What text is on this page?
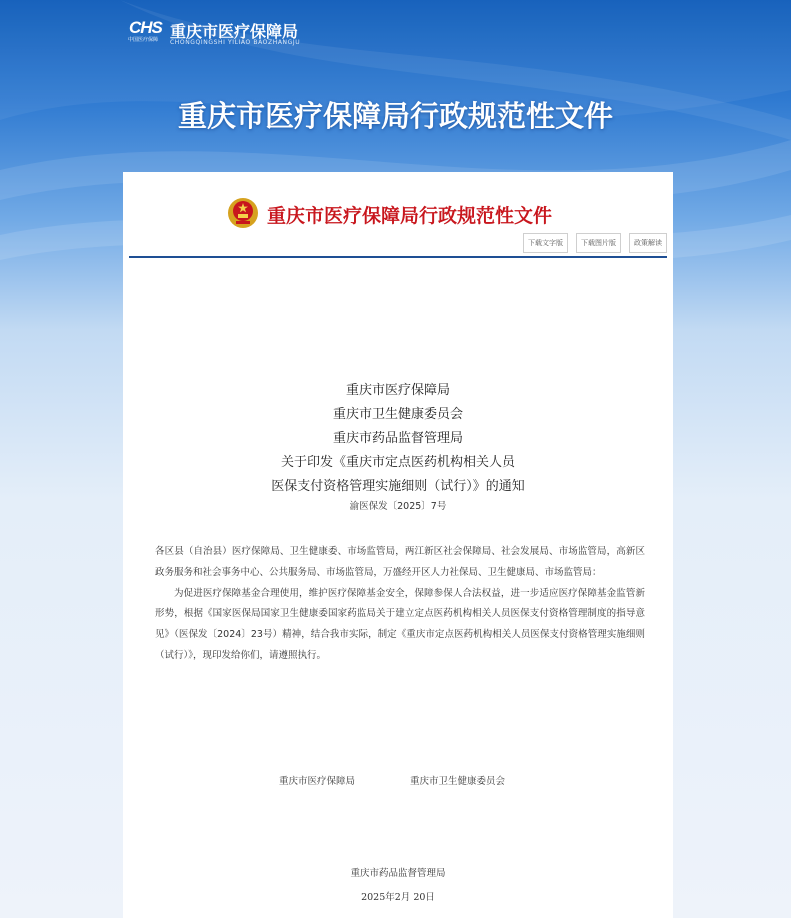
CHS
中国医疗保障 重庆市医疗保障局
CHONGQINGSHI YILIAO BAOZHANGJU
重庆市医疗保障局行政规范性文件
重庆市医疗保障局行政规范性文件
下载文字版	下载图片版	政策解读
重庆市医疗保障局
重庆市卫生健康委员会
重庆市药品监督管理局
关于印发《重庆市定点医药机构相关人员
医保支付资格管理实施细则（试行）》的通知
渝医保发〔2025〕7号

各区县（自治县）医疗保障局、卫生健康委、市场监管局，两江新区社会保障局、社会发展局、市场监管局，高新区政务服务和社会事务中心、公共服务局、市场监管局，万盛经开区人力社保局、卫生健康局、市场监管局：

为促进医疗保障基金合理使用，维护医疗保障基金安全，保障参保人合法权益，进一步适应医疗保障基金监管新形势，根据《国家医保局国家卫生健康委国家药监局关于建立定点医药机构相关人员医保支付资格管理制度的指导意见》（医保发〔2024〕23号）精神，结合我市实际，制定《重庆市定点医药机构相关人员医保支付资格管理实施细则（试行）》，现印发给你们，请遵照执行。

重庆市医疗保障局	重庆市卫生健康委员会
重庆市药品监督管理局
2025年2月 20日
